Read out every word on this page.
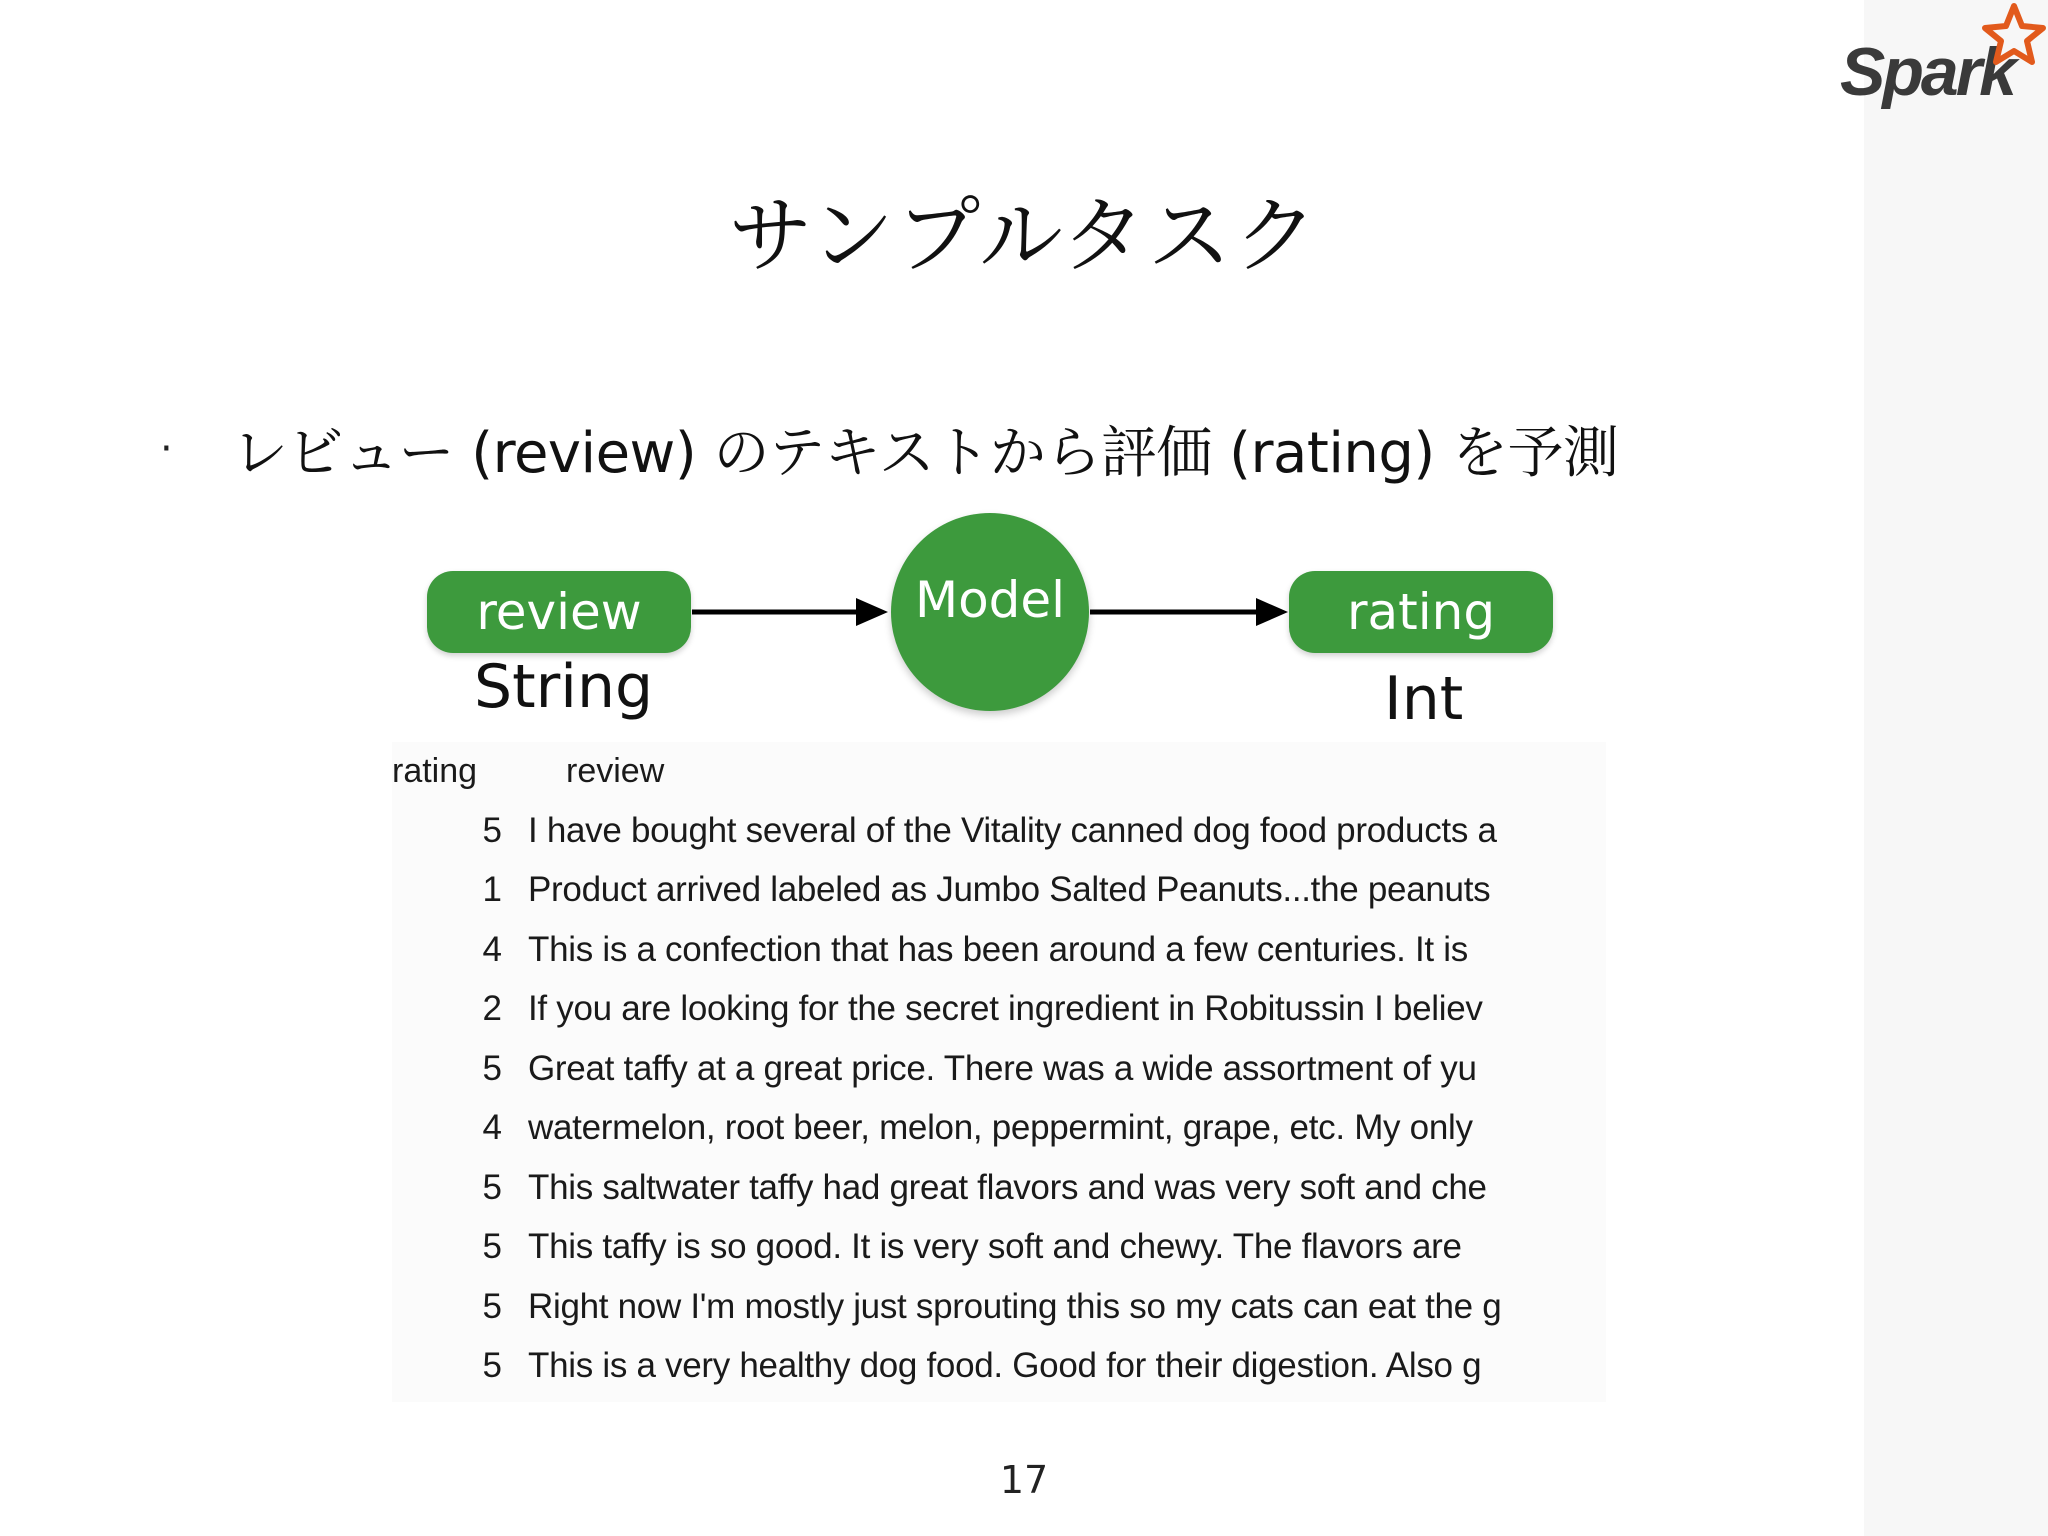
Spark
サンプルタスク
·	レビュー (review) のテキストから評価 (rating) を予測
review	Model	rating
String	Int
rating	review
5 I have bought several of the Vitality canned dog food products a
1 Product arrived labeled as Jumbo Salted Peanuts...the peanuts
4 This is a confection that has been around a few centuries. It is
2 If you are looking for the secret ingredient in Robitussin I believ
5 Great taffy at a great price. There was a wide assortment of yu
4 watermelon, root beer, melon, peppermint, grape, etc. My only
5 This saltwater taffy had great flavors and was very soft and che
5 This taffy is so good. It is very soft and chewy. The flavors are
5 Right now I'm mostly just sprouting this so my cats can eat the g
5 This is a very healthy dog food. Good for their digestion. Also g
17
